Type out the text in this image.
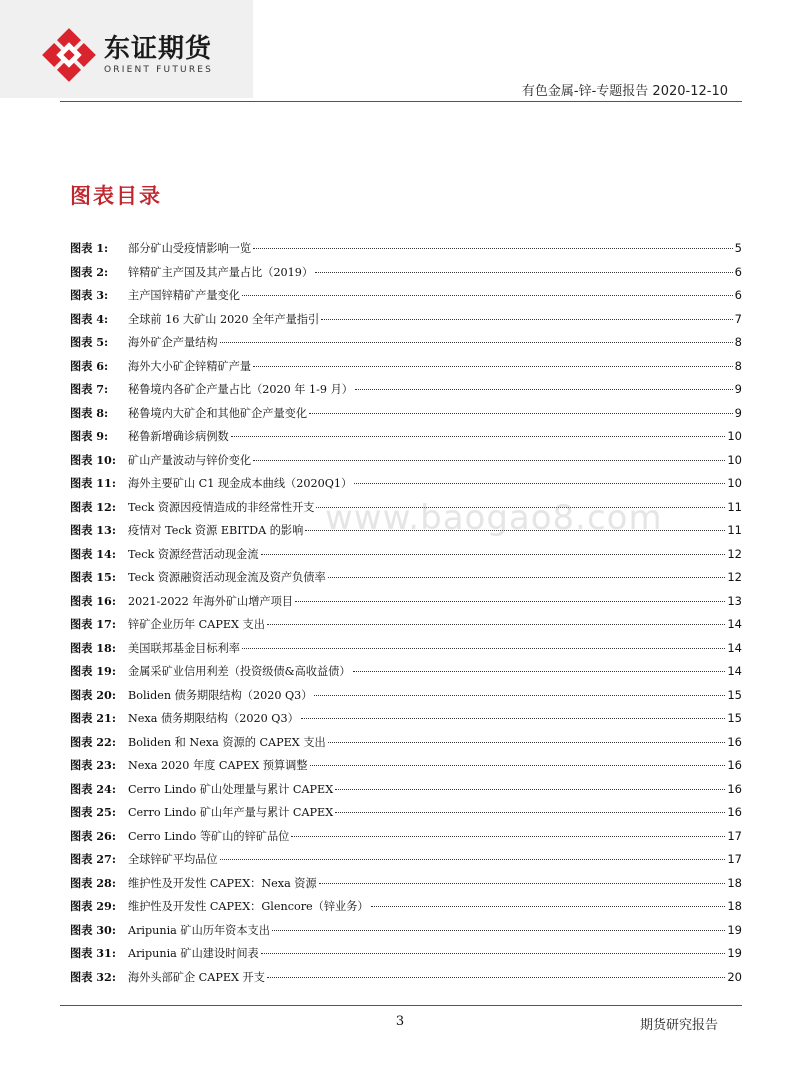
东证期货
ORIENT FUTURES
有色金属-锌-专题报告 2020-12-10
图表目录
图表 1:	部分矿山受疫情影响一览	5
图表 2:	锌精矿主产国及其产量占比（2019）	6
图表 3:	主产国锌精矿产量变化	6
图表 4:	全球前 16 大矿山 2020 全年产量指引	7
图表 5:	海外矿企产量结构	8
图表 6:	海外大小矿企锌精矿产量	8
图表 7:	秘鲁境内各矿企产量占比（2020 年 1-9 月）	9
图表 8:	秘鲁境内大矿企和其他矿企产量变化	9
图表 9:	秘鲁新增确诊病例数	10
图表 10:	矿山产量波动与锌价变化	10
图表 11:	海外主要矿山 C1 现金成本曲线（2020Q1）	10
图表 12:	Teck 资源因疫情造成的非经常性开支	11
图表 13:	疫情对 Teck 资源 EBITDA 的影响	11
图表 14:	Teck 资源经营活动现金流	12
图表 15:	Teck 资源融资活动现金流及资产负债率	12
图表 16:	2021-2022 年海外矿山增产项目	13
图表 17:	锌矿企业历年 CAPEX 支出	14
图表 18:	美国联邦基金目标利率	14
图表 19:	金属采矿业信用利差（投资级债&高收益债）	14
图表 20:	Boliden 债务期限结构（2020 Q3）	15
图表 21:	Nexa 债务期限结构（2020 Q3）	15
图表 22:	Boliden 和 Nexa 资源的 CAPEX 支出	16
图表 23:	Nexa 2020 年度 CAPEX 预算调整	16
图表 24:	Cerro Lindo 矿山处理量与累计 CAPEX	16
图表 25:	Cerro Lindo 矿山年产量与累计 CAPEX	16
图表 26:	Cerro Lindo 等矿山的锌矿品位	17
图表 27:	全球锌矿平均品位	17
图表 28:	维护性及开发性 CAPEX：Nexa 资源	18
图表 29:	维护性及开发性 CAPEX：Glencore（锌业务）	18
图表 30:	Aripunia 矿山历年资本支出	19
图表 31:	Aripunia 矿山建设时间表	19
图表 32:	海外头部矿企 CAPEX 开支	20
www.baogao8.com
3	期货研究报告
